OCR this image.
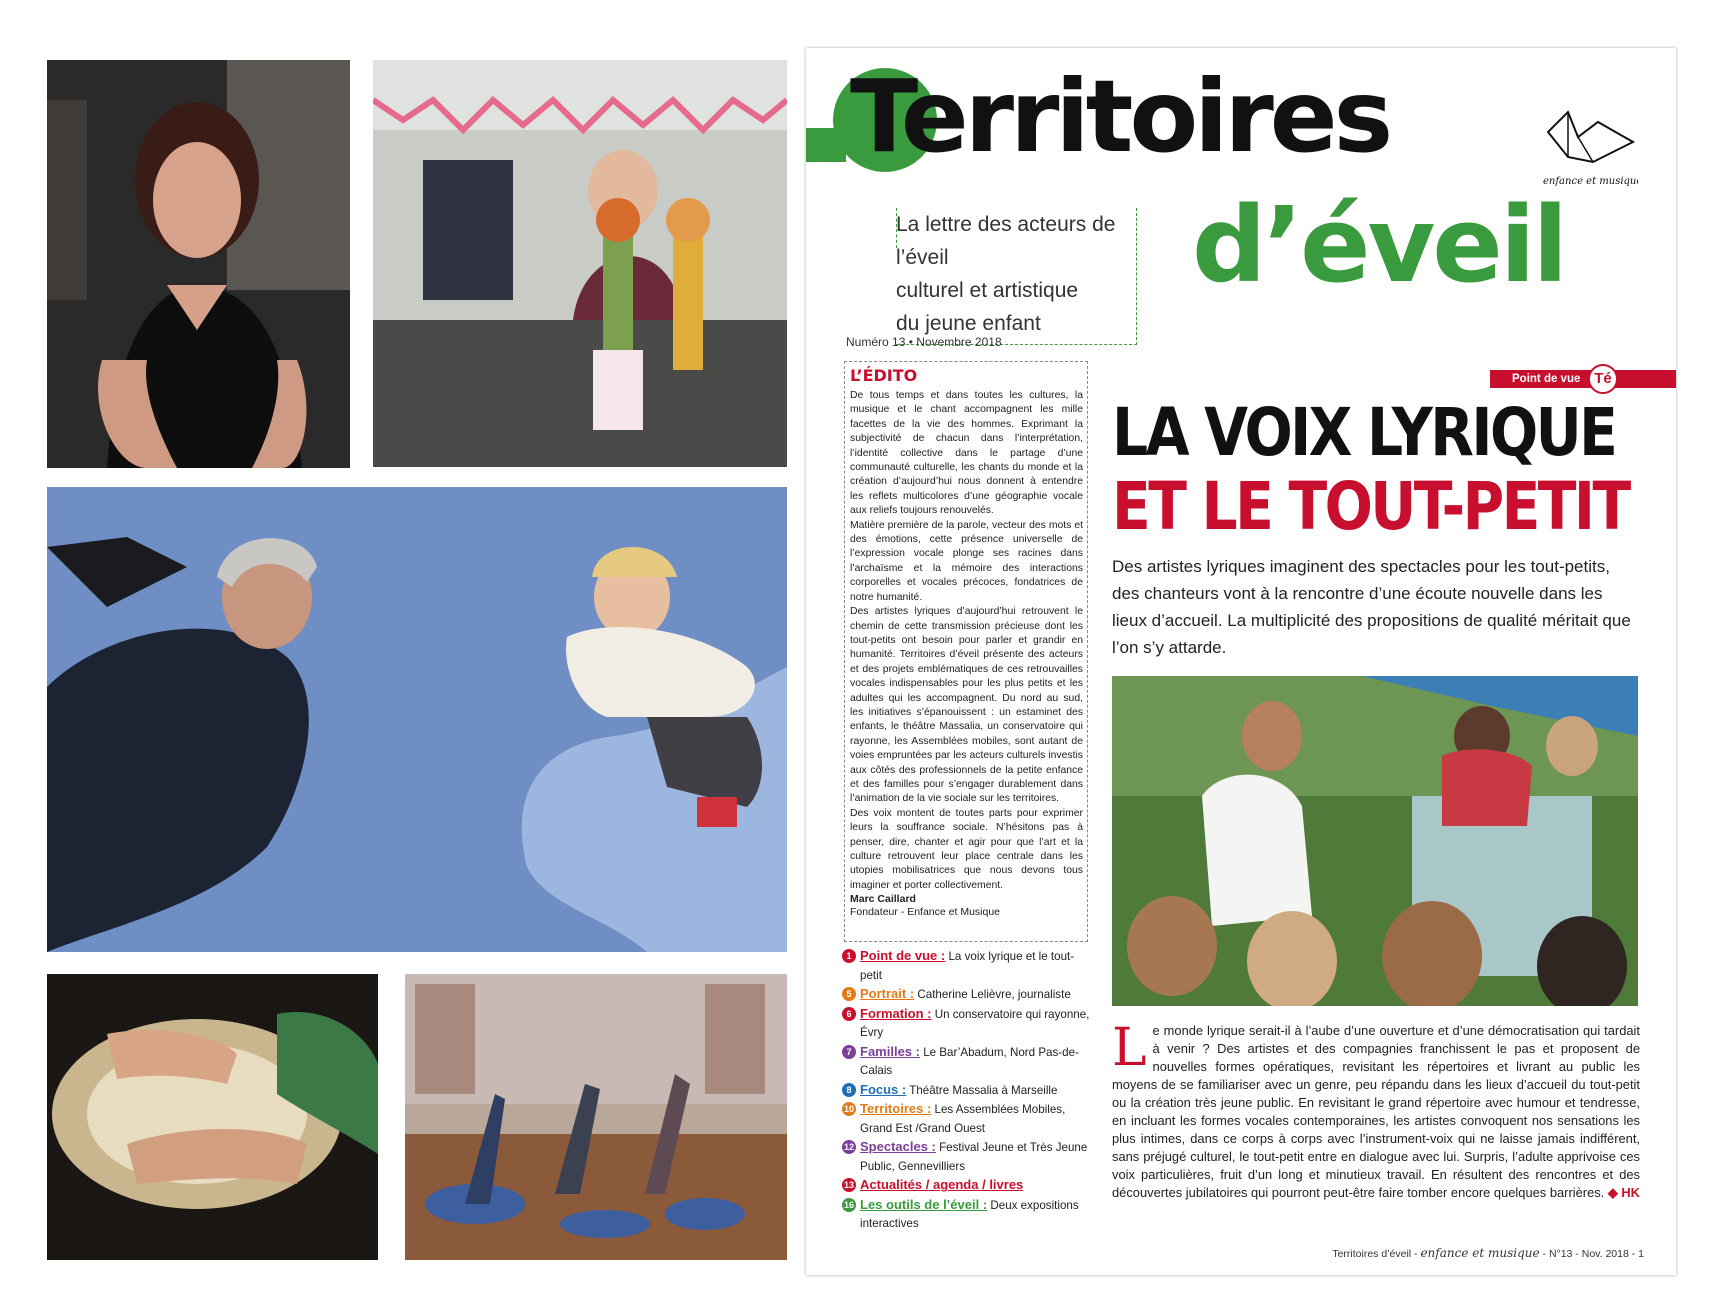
Territoires
d’éveil
La lettre des acteurs de l’éveil
culturel et artistique
du jeune enfant
enfance et musique
Numéro 13 • Novembre 2018
L’ÉDITO

De tous temps et dans toutes les cultures, la musique et le chant accompagnent les mille facettes de la vie des hommes. Exprimant la subjectivité de chacun dans l’interprétation, l’identité collective dans le partage d’une communauté culturelle, les chants du monde et la création d’aujourd’hui nous donnent à entendre les reflets multicolores d’une géographie vocale aux reliefs toujours renouvelés.

Matière première de la parole, vecteur des mots et des émotions, cette présence universelle de l’expression vocale plonge ses racines dans l’archaïsme et la mémoire des interactions corporelles et vocales précoces, fondatrices de notre humanité.

Des artistes lyriques d’aujourd’hui retrouvent le chemin de cette transmission précieuse dont les tout-petits ont besoin pour parler et grandir en humanité. Territoires d’éveil présente des acteurs et des projets emblématiques de ces retrouvailles vocales indispensables pour les plus petits et les adultes qui les accompagnent. Du nord au sud, les initiatives s’épanouissent : un estaminet des enfants, le théâtre Massalia, un conservatoire qui rayonne, les Assemblées mobiles, sont autant de voies empruntées par les acteurs culturels investis aux côtés des professionnels de la petite enfance et des familles pour s’engager durablement dans l’animation de la vie sociale sur les territoires.

Des voix montent de toutes parts pour exprimer leurs la souffrance sociale. N’hésitons pas à penser, dire, chanter et agir pour que l’art et la culture retrouvent leur place centrale dans les utopies mobilisatrices que nous devons tous imaginer et porter collectivement.

Marc Caillard
Fondateur - Enfance et Musique
1 Point de vue : La voix lyrique et le tout-petit
5 Portrait : Catherine Lelièvre, journaliste
6 Formation : Un conservatoire qui rayonne, Évry
7 Familles : Le Bar’Abadum, Nord Pas-de-Calais
8 Focus : Théâtre Massalia à Marseille
10 Territoires : Les Assemblées Mobiles, Grand Est /Grand Ouest
12 Spectacles : Festival Jeune et Très Jeune Public, Gennevilliers
13 Actualités / agenda / livres
16 Les outils de l’éveil : Deux expositions interactives
Point de vue Té
LA VOIX LYRIQUE
ET LE TOUT-PETIT
Des artistes lyriques imaginent des spectacles pour les tout-petits, des chanteurs vont à la rencontre d’une écoute nouvelle dans les lieux d’accueil. La multiplicité des propositions de qualité méritait que l’on s’y attarde.
Le monde lyrique serait-il à l’aube d’une ouverture et d’une démocratisation qui tardait à venir ? Des artistes et des compagnies franchissent le pas et proposent de nouvelles formes opératiques, revisitant les répertoires et livrant au public les moyens de se familiariser avec un genre, peu répandu dans les lieux d’accueil du tout-petit ou la création très jeune public. En revisitant le grand répertoire avec humour et tendresse, en incluant les formes vocales contemporaines, les artistes convoquent nos sensations les plus intimes, dans ce corps à corps avec l’instrument-voix qui ne laisse jamais indifférent, sans préjugé culturel, le tout-petit entre en dialogue avec lui. Surpris, l’adulte apprivoise ces voix particulières, fruit d’un long et minutieux travail. En résultent des rencontres et des découvertes jubilatoires qui pourront peut-être faire tomber encore quelques barrières. ◆ HK
Territoires d’éveil - enfance et musique - N°13 - Nov. 2018 - 1
